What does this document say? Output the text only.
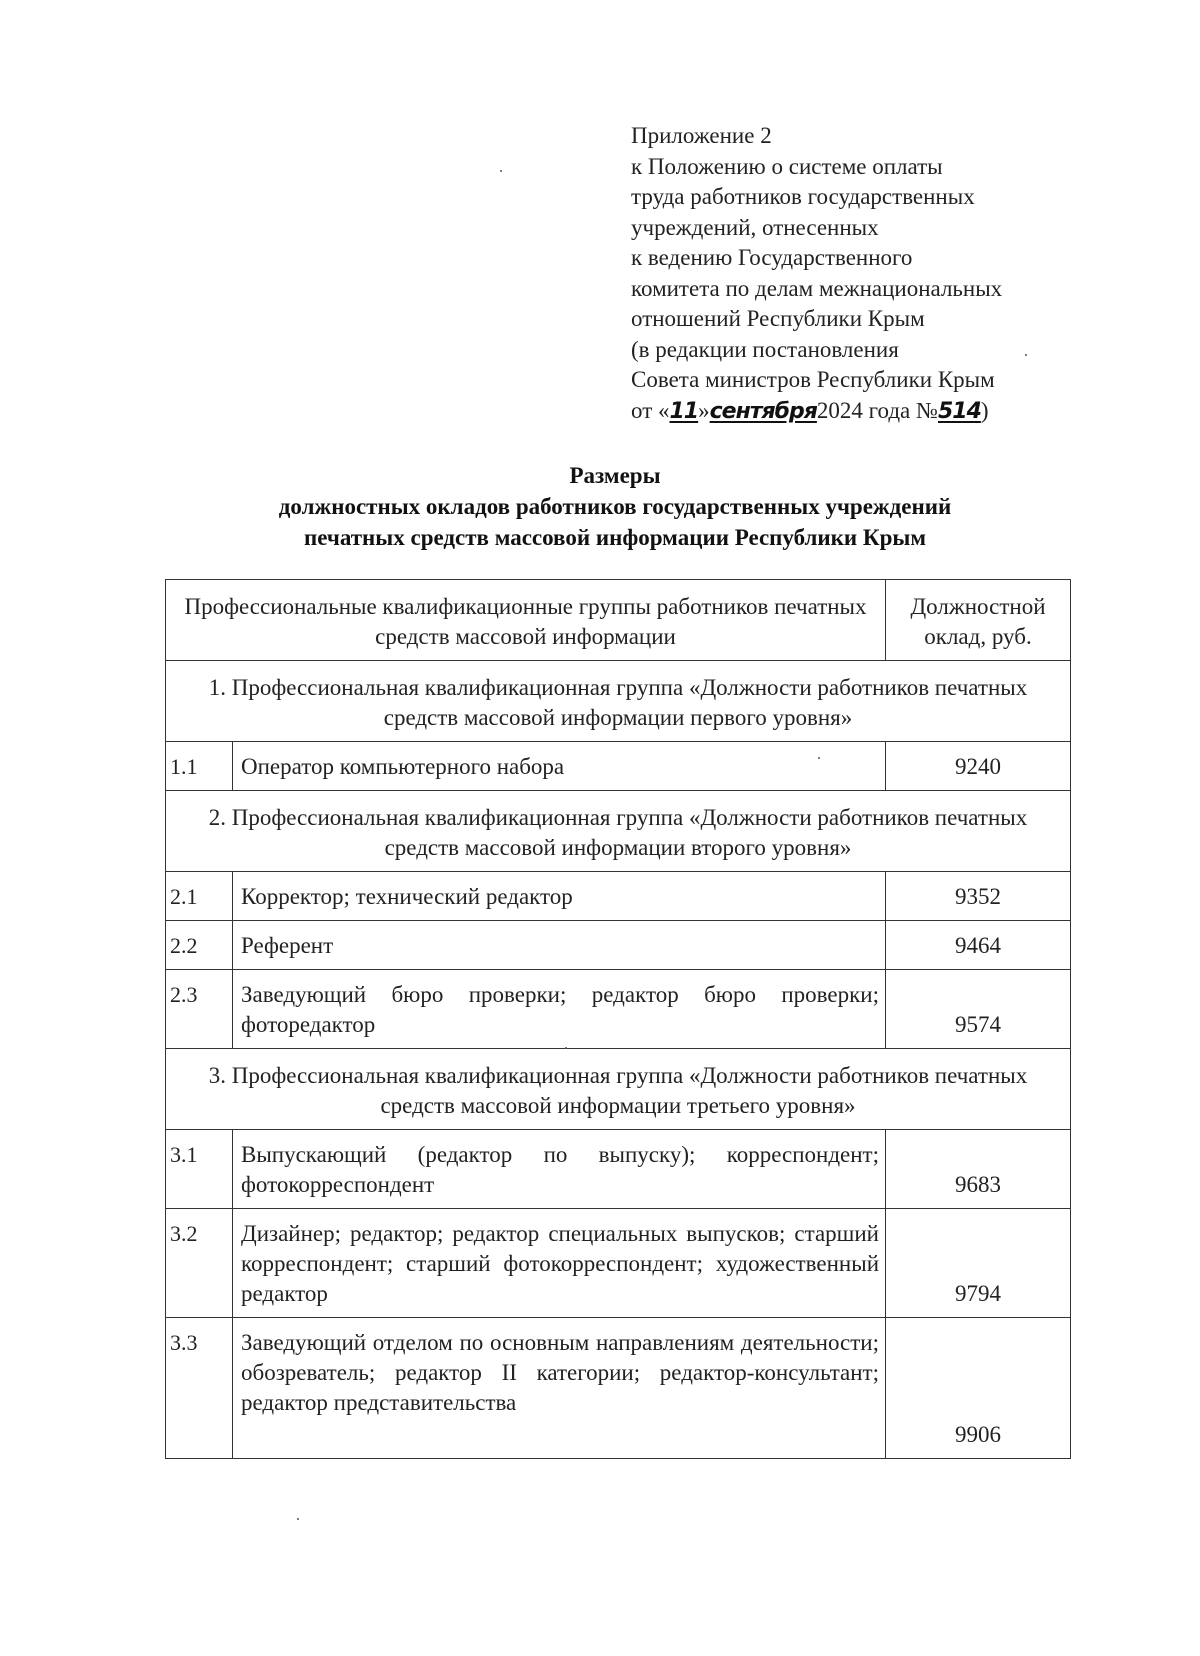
Приложение 2
к Положению о системе оплаты
труда работников государственных
учреждений, отнесенных
к ведению Государственного
комитета по делам межнациональных
отношений Республики Крым
(в редакции постановления
Совета министров Республики Крым
от «11»сентября2024 года №514)
Размеры
должностных окладов работников государственных учреждений
печатных средств массовой информации Республики Крым
Профессиональные квалификационные группы работников печатных средств массовой информации		Должностной оклад, руб.
1. Профессиональная квалификационная группа «Должности работников печатных средств массовой информации первого уровня»		
1.1	Оператор компьютерного набора	9240
2. Профессиональная квалификационная группа «Должности работников печатных средств массовой информации второго уровня»		
2.1	Корректор; технический редактор	9352
2.2	Референт	9464
2.3	Заведующий бюро проверки; редактор бюро проверки; фоторедактор	9574
3. Профессиональная квалификационная группа «Должности работников печатных средств массовой информации третьего уровня»		
3.1	Выпускающий (редактор по выпуску); корреспондент; фотокорреспондент	9683
3.2	Дизайнер; редактор; редактор специальных выпусков; старший корреспондент; старший фотокорреспондент; художественный редактор	9794
3.3	Заведующий отделом по основным направлениям деятельности; обозреватель; редактор II категории; редактор-консультант; редактор представительства	9906
